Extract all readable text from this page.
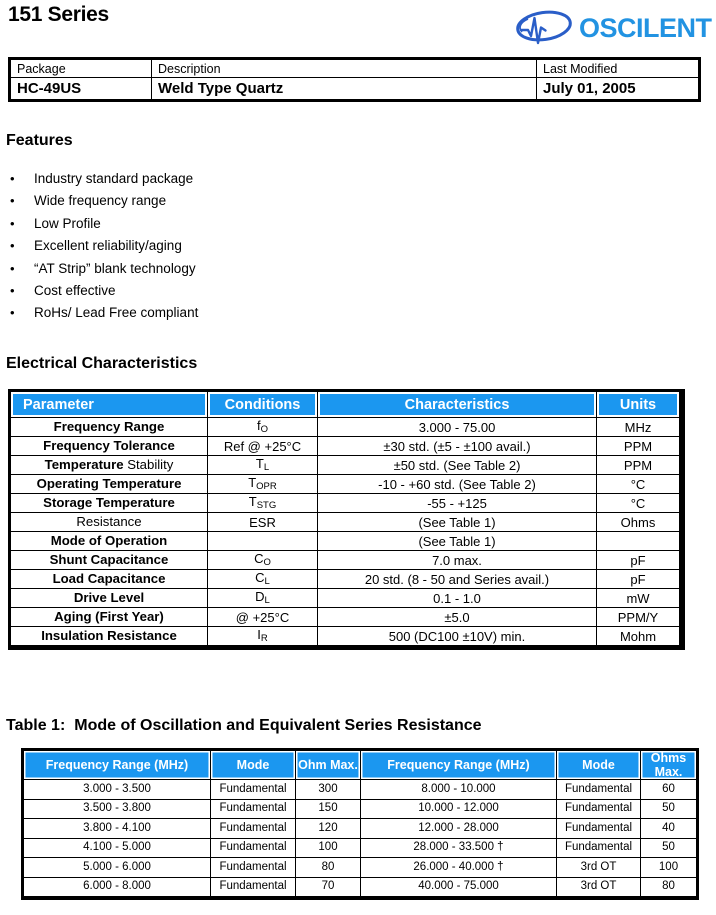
151 Series	OSCILENT
Package	Description	Last Modified
HC-49US	Weld Type Quartz	July 01, 2005
Features
• Industry standard package
• Wide frequency range
• Low Profile
• Excellent reliability/aging
• “AT Strip” blank technology
• Cost effective
• RoHs/ Lead Free compliant
Electrical Characteristics
Parameter	Conditions	Characteristics	Units
Frequency Range	$f_O$	3.000 - 75.00	MHz
Frequency Tolerance	Ref @ +25°C	±30 std. (±5 - ±100 avail.)	PPM
Temperature Stability	$T_L$	±50 std. (See Table 2)	PPM
Operating Temperature	$T_{OPR}$	-10 - +60 std. (See Table 2)	°C
Storage Temperature	$T_{STG}$	-55 - +125	°C
Resistance	ESR	(See Table 1)	Ohms
Mode of Operation		(See Table 1)	
Shunt Capacitance	$C_O$	7.0 max.	pF
Load Capacitance	$C_L$	20 std. (8 - 50 and Series avail.)	pF
Drive Level	$D_L$	0.1 - 1.0	mW
Aging (First Year)	@ +25°C	±5.0	PPM/Y
Insulation Resistance	$I_R$	500 (DC100 ±10V) min.	Mohm
Table 1: Mode of Oscillation and Equivalent Series Resistance
Frequency Range (MHz)	Mode	Ohm Max.	Frequency Range (MHz)	Mode	Ohms Max.
3.000 - 3.500	Fundamental	300	8.000 - 10.000	Fundamental	60
3.500 - 3.800	Fundamental	150	10.000 - 12.000	Fundamental	50
3.800 - 4.100	Fundamental	120	12.000 - 28.000	Fundamental	40
4.100 - 5.000	Fundamental	100	28.000 - 33.500 †	Fundamental	50
5.000 - 6.000	Fundamental	80	26.000 - 40.000 †	3rd OT	100
6.000 - 8.000	Fundamental	70	40.000 - 75.000	3rd OT	80
